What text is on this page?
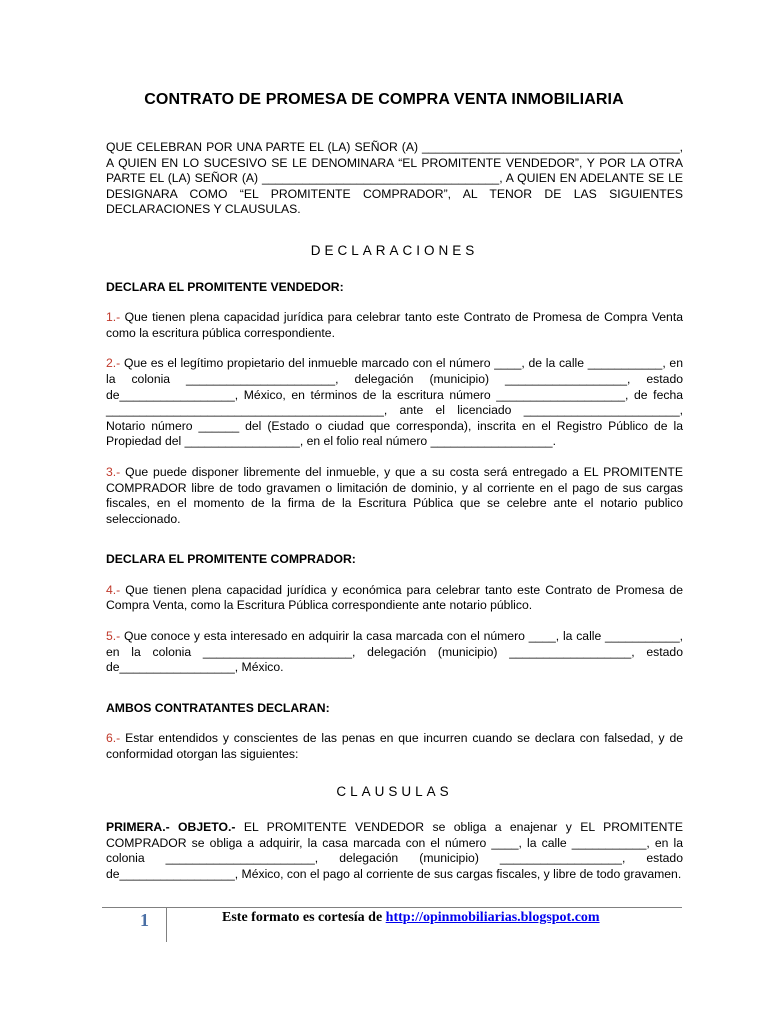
CONTRATO DE PROMESA DE COMPRA VENTA INMOBILIARIA

QUE CELEBRAN POR UNA PARTE EL (LA) SEÑOR (A) ______________________________________, A QUIEN EN LO SUCESIVO SE LE DENOMINARA “EL PROMITENTE VENDEDOR”, Y POR LA OTRA PARTE EL (LA) SEÑOR (A) ___________________________________, A QUIEN EN ADELANTE SE LE DESIGNARA COMO “EL PROMITENTE COMPRADOR”, AL TENOR DE LAS SIGUIENTES DECLARACIONES Y CLAUSULAS.

DECLARACIONES

DECLARA EL PROMITENTE VENDEDOR:

1.- Que tienen plena capacidad jurídica para celebrar tanto este Contrato de Promesa de Compra Venta como la escritura pública correspondiente.

2.- Que es el legítimo propietario del inmueble marcado con el número ____, de la calle ___________, en la colonia ______________________, delegación (municipio) __________________, estado de_________________, México, en términos de la escritura número ___________________, de fecha _________________________________________, ante el licenciado _______________________, Notario número ______ del (Estado o ciudad que corresponda), inscrita en el Registro Público de la Propiedad del _________________, en el folio real número __________________.

3.- Que puede disponer libremente del inmueble, y que a su costa será entregado a EL PROMITENTE COMPRADOR libre de todo gravamen o limitación de dominio, y al corriente en el pago de sus cargas fiscales, en el momento de la firma de la Escritura Pública que se celebre ante el notario publico seleccionado.

DECLARA EL PROMITENTE COMPRADOR:

4.- Que tienen plena capacidad jurídica y económica para celebrar tanto este Contrato de Promesa de Compra Venta, como la Escritura Pública correspondiente ante notario público.

5.- Que conoce y esta interesado en adquirir la casa marcada con el número ____, la calle ___________, en la colonia ______________________, delegación (municipio) __________________, estado de_________________, México.

AMBOS CONTRATANTES DECLARAN:

6.- Estar entendidos y conscientes de las penas en que incurren cuando se declara con falsedad, y de conformidad otorgan las siguientes:

CLAUSULAS

PRIMERA.- OBJETO.- EL PROMITENTE VENDEDOR se obliga a enajenar y EL PROMITENTE COMPRADOR se obliga a adquirir, la casa marcada con el número ____, la calle ___________, en la colonia ______________________, delegación (municipio) __________________, estado de_________________, México, con el pago al corriente de sus cargas fiscales, y libre de todo gravamen.

1	Este formato es cortesía de http://opinmobiliarias.blogspot.com
